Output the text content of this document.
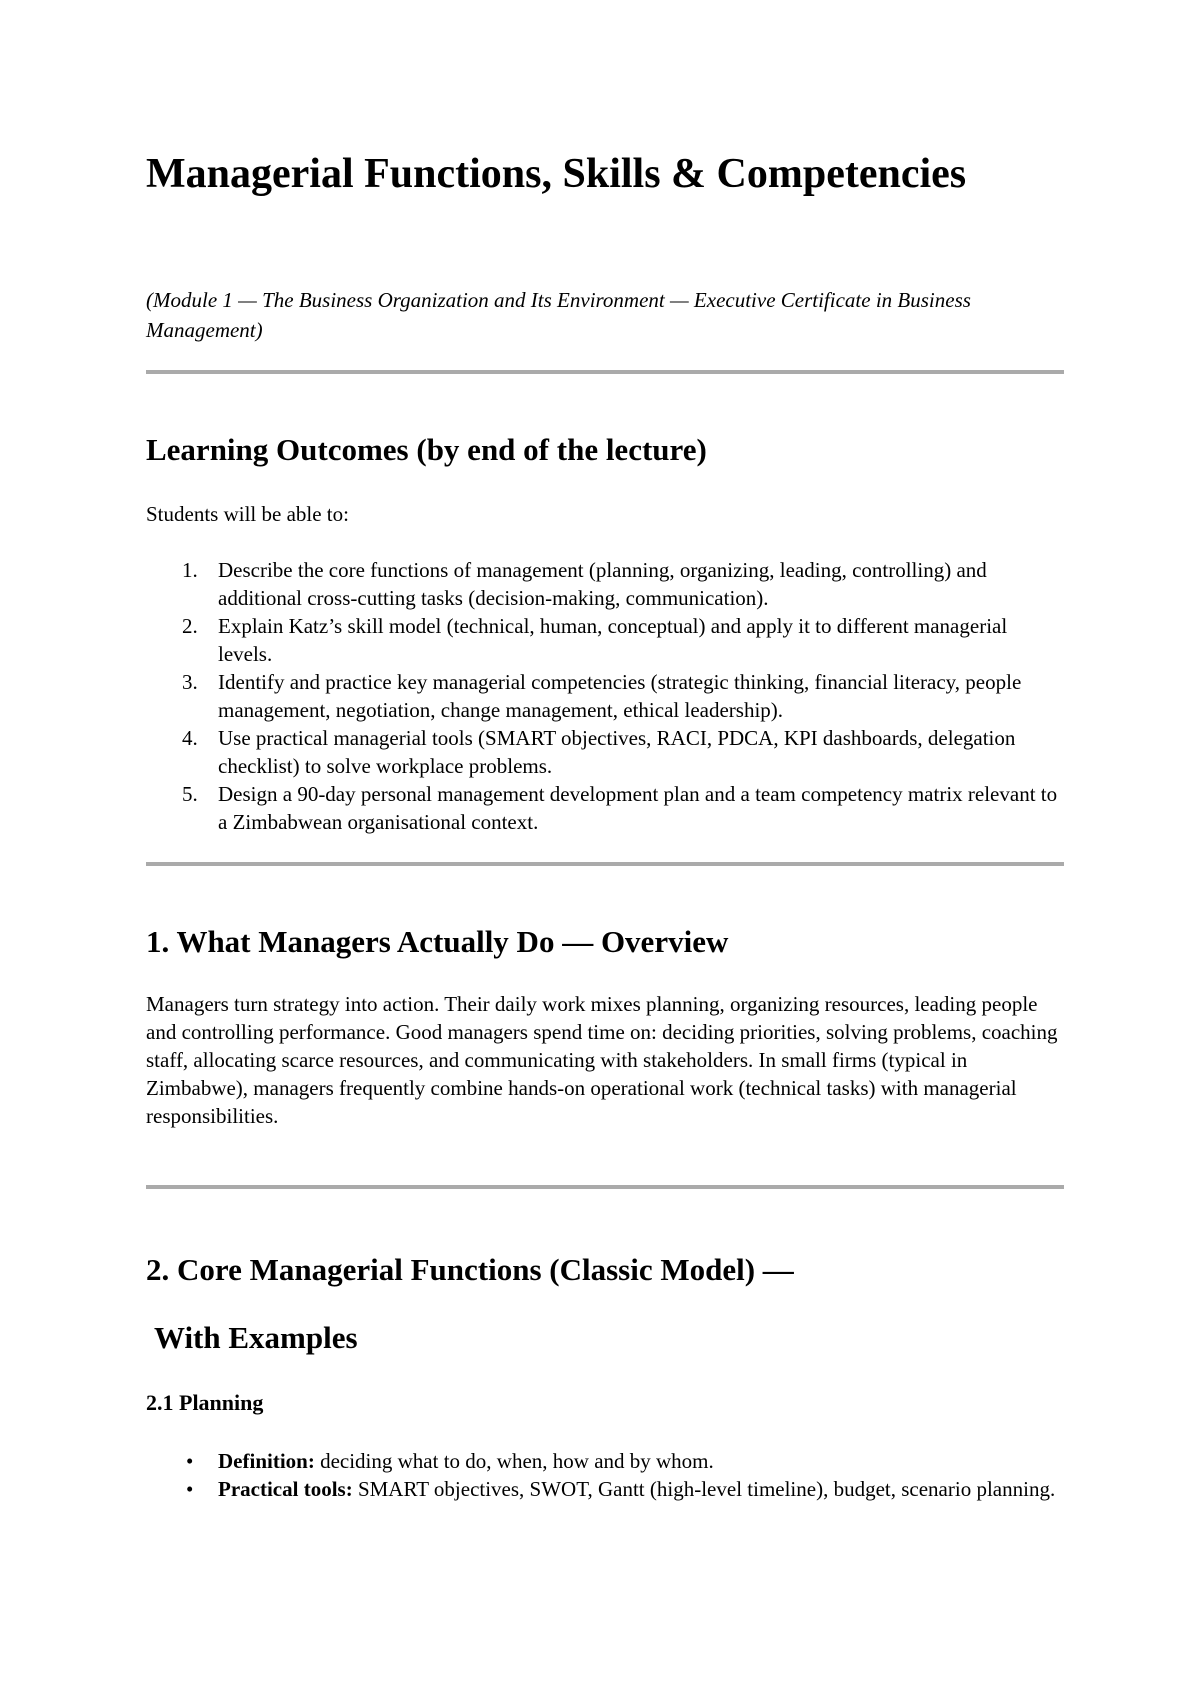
Managerial Functions, Skills & Competencies

(Module 1 — The Business Organization and Its Environment — Executive Certificate in Business Management)

Learning Outcomes (by end of the lecture)

Students will be able to:

1. Describe the core functions of management (planning, organizing, leading, controlling) and additional cross-cutting tasks (decision-making, communication).
2. Explain Katz’s skill model (technical, human, conceptual) and apply it to different managerial levels.
3. Identify and practice key managerial competencies (strategic thinking, financial literacy, people management, negotiation, change management, ethical leadership).
4. Use practical managerial tools (SMART objectives, RACI, PDCA, KPI dashboards, delegation checklist) to solve workplace problems.
5. Design a 90-day personal management development plan and a team competency matrix relevant to a Zimbabwean organisational context.
1. What Managers Actually Do — Overview

Managers turn strategy into action. Their daily work mixes planning, organizing resources, leading people and controlling performance. Good managers spend time on: deciding priorities, solving problems, coaching staff, allocating scarce resources, and communicating with stakeholders. In small firms (typical in Zimbabwe), managers frequently combine hands-on operational work (technical tasks) with managerial responsibilities.

2. Core Managerial Functions (Classic Model) —
With Examples
2.1 Planning
• Definition: deciding what to do, when, how and by whom.
• Practical tools: SMART objectives, SWOT, Gantt (high-level timeline), budget, scenario planning.
